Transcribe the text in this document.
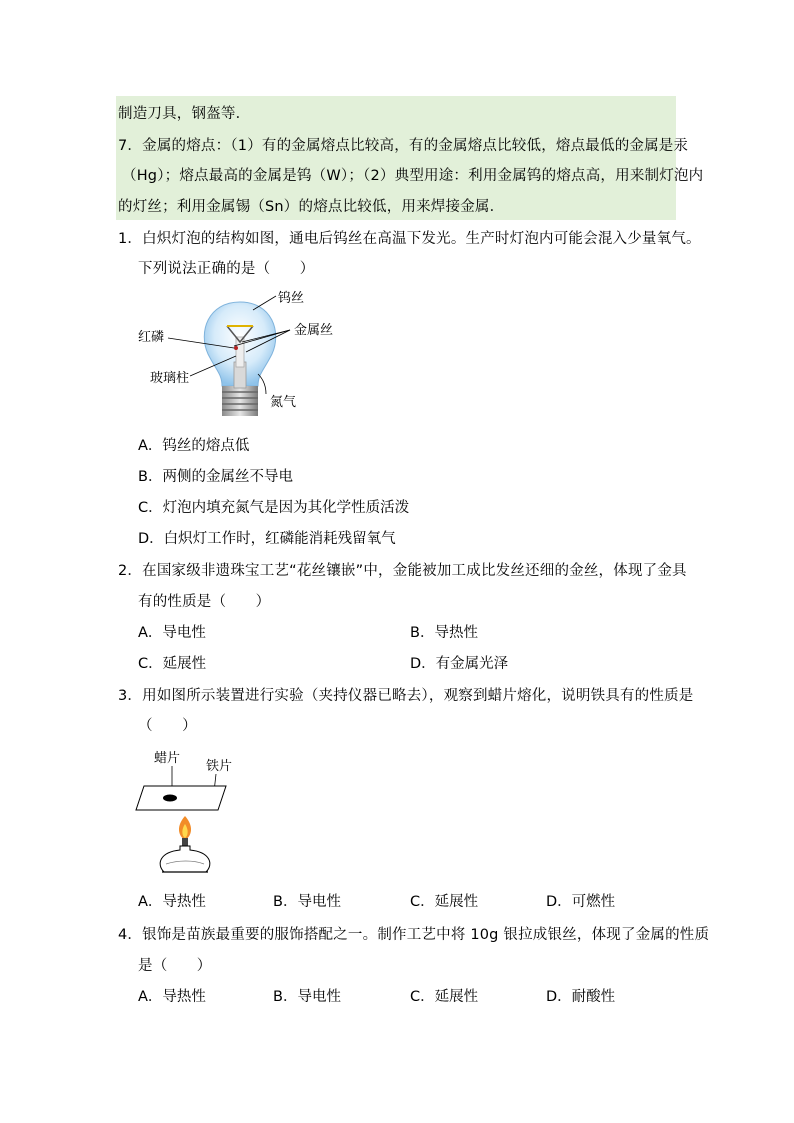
制造刀具，钢盔等．
7．金属的熔点：（1）有的金属熔点比较高，有的金属熔点比较低，熔点最低的金属是汞
（Hg）；熔点最高的金属是钨（W）；（2）典型用途：利用金属钨的熔点高，用来制灯泡内
的灯丝；利用金属锡（Sn）的熔点比较低，用来焊接金属．
1．白炽灯泡的结构如图，通电后钨丝在高温下发光。生产时灯泡内可能会混入少量氧气。
下列说法正确的是（　　）
钨丝
金属丝
红磷
玻璃柱
氮气
A．钨丝的熔点低
B．两侧的金属丝不导电
C．灯泡内填充氮气是因为其化学性质活泼
D．白炽灯工作时，红磷能消耗残留氧气
2．在国家级非遗珠宝工艺“花丝镶嵌”中，金能被加工成比发丝还细的金丝，体现了金具
有的性质是（　　）
A．导电性	B．导热性
C．延展性	D．有金属光泽
3．用如图所示装置进行实验（夹持仪器已略去），观察到蜡片熔化，说明铁具有的性质是
（　　）
蜡片
铁片
A．导热性	B．导电性	C．延展性	D．可燃性
4．银饰是苗族最重要的服饰搭配之一。制作工艺中将 10g 银拉成银丝，体现了金属的性质
是（　　）
A．导热性	B．导电性	C．延展性	D．耐酸性
